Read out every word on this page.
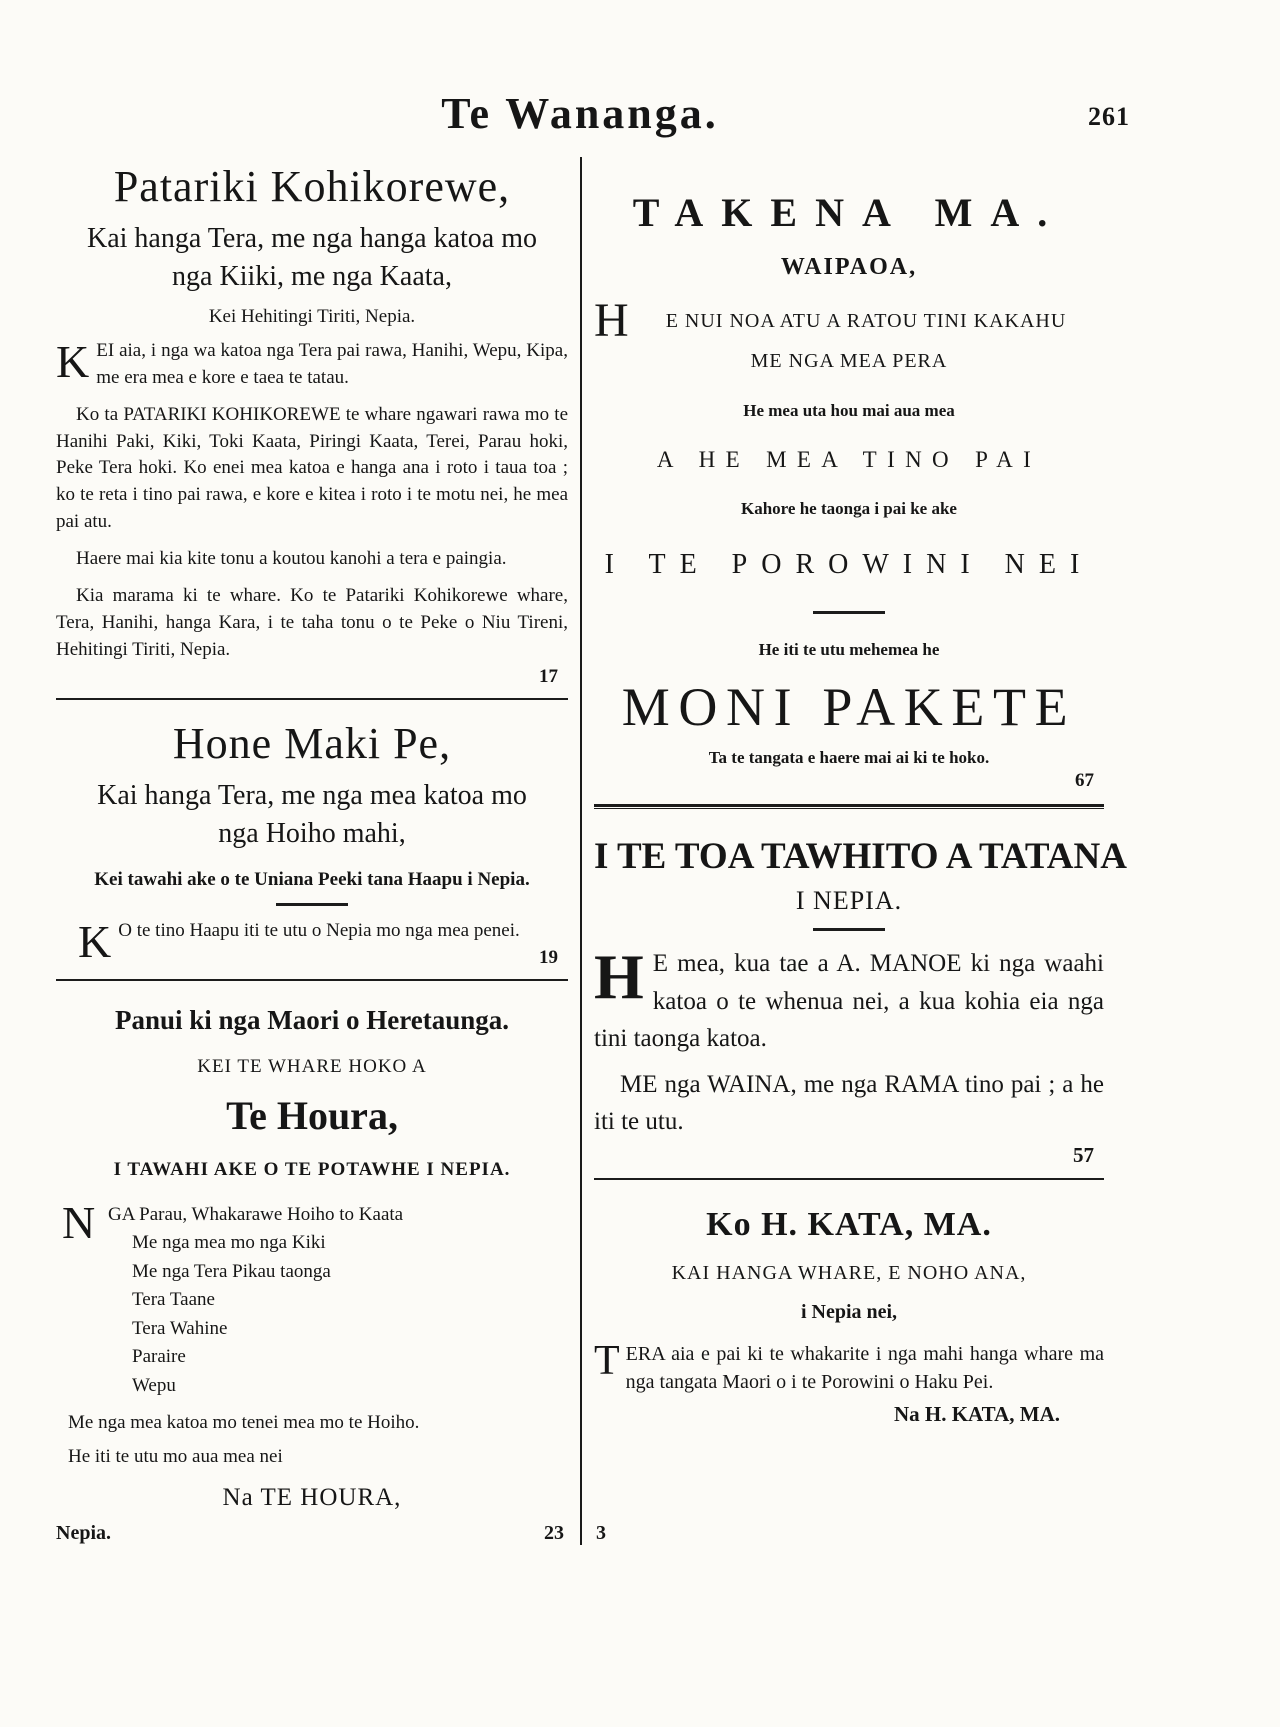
Te Wananga.	261
Patariki Kohikorewe,
Kai hanga Tera, me nga hanga katoa mo
nga Kiiki, me nga Kaata,
Kei Hehitingi Tiriti, Nepia.

KEI aia, i nga wa katoa nga Tera pai rawa, Hanihi, Wepu, Kipa, me era mea e kore e taea te tatau.

Ko ta PATARIKI KOHIKOREWE te whare ngawari rawa mo te Hanihi Paki, Kiki, Toki Kaata, Piringi Kaata, Terei, Parau hoki, Peke Tera hoki. Ko enei mea katoa e hanga ana i roto i taua toa ; ko te reta i tino pai rawa, e kore e kitea i roto i te motu nei, he mea pai atu.

Haere mai kia kite tonu a koutou kanohi a tera e paingia.

Kia marama ki te whare. Ko te Patariki Kohikorewe whare, Tera, Hanihi, hanga Kara, i te taha tonu o te Peke o Niu Tireni, Hehitingi Tiriti, Nepia.

17
Hone Maki Pe,
Kai hanga Tera, me nga mea katoa mo
nga Hoiho mahi,
Kei tawahi ake o te Uniana Peeki tana Haapu i Nepia.

K O te tino Haapu iti te utu o Nepia mo nga mea penei.

19
Panui ki nga Maori o Heretaunga.
KEI TE WHARE HOKO A
Te Houra,
I TAWAHI AKE O TE POTAWHE I NEPIA.
N GA Parau, Whakarawe Hoiho to Kaata
Me nga mea mo nga Kiki
Me nga Tera Pikau taonga
Tera Taane
Tera Wahine
Paraire
Wepu
Me nga mea katoa mo tenei mea mo te Hoiho.
He iti te utu mo aua mea nei
Na TE HOURA,
Nepia.	23
TAKENA MA.
WAIPAOA,
H	E NUI NOA ATU A RATOU TINI KAKAHU
ME NGA MEA PERA
He mea uta hou mai aua mea
A HE MEA TINO PAI
Kahore he taonga i pai ke ake
I TE POROWINI NEI
He iti te utu mehemea he
MONI PAKETE
Ta te tangata e haere mai ai ki te hoko.
67
I TE TOA TAWHITO A TATANA
I NEPIA.

H E mea, kua tae a A. MANOE ki nga waahi katoa o te whenua nei, a kua kohia eia nga tini taonga katoa.

ME nga WAINA, me nga RAMA tino pai ; a he iti te utu.

57
Ko H. KATA, MA.
KAI HANGA WHARE, E NOHO ANA,
i Nepia nei,

TERA aia e pai ki te whakarite i nga mahi hanga whare ma nga tangata Maori o i te Porowini o Haku Pei.

Na H. KATA, MA.
3
